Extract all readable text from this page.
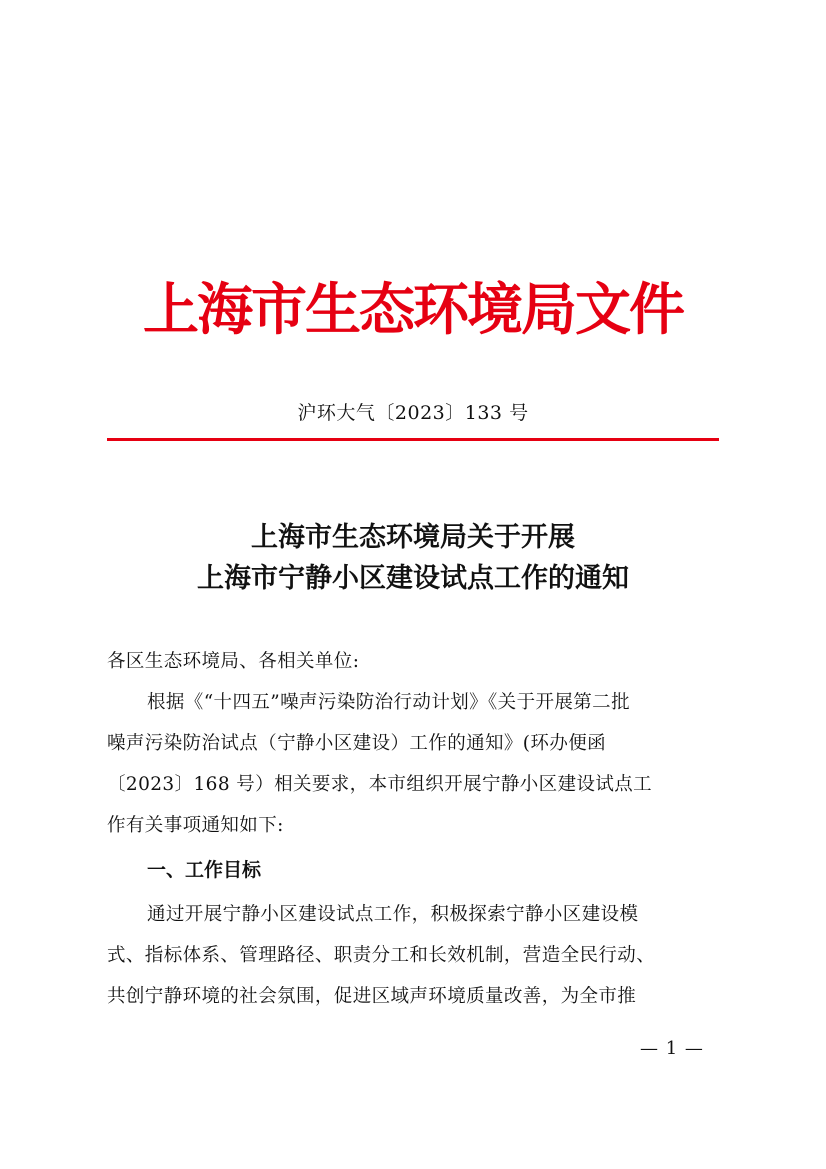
上海市生态环境局文件
沪环大气〔2023〕133 号
上海市生态环境局关于开展
上海市宁静小区建设试点工作的通知
各区生态环境局、各相关单位:
根据《“十四五”噪声污染防治行动计划》《关于开展第二批
噪声污染防治试点（宁静小区建设）工作的通知》(环办便函
〔2023〕168 号）相关要求，本市组织开展宁静小区建设试点工
作有关事项通知如下:
一、工作目标
通过开展宁静小区建设试点工作，积极探索宁静小区建设模
式、指标体系、管理路径、职责分工和长效机制，营造全民行动、
共创宁静环境的社会氛围，促进区域声环境质量改善，为全市推
— 1 —
